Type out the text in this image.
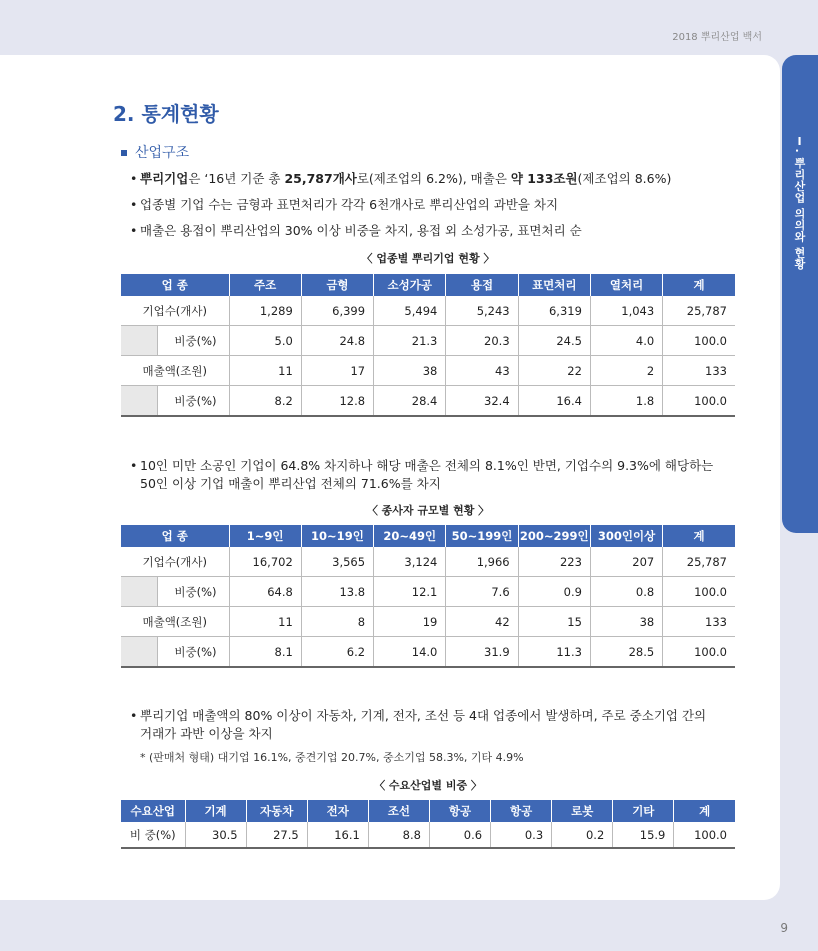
2018 뿌리산업 백서
Ⅰ. 뿌리산업 의의와 현황
2. 통계현황
산업구조
• 뿌리기업은 ‘16년 기준 총 25,787개사로(제조업의 6.2%), 매출은 약 133조원(제조업의 8.6%)
• 업종별 기업 수는 금형과 표면처리가 각각 6천개사로 뿌리산업의 과반을 차지
• 매출은 용접이 뿌리산업의 30% 이상 비중을 차지, 용접 외 소성가공, 표면처리 순
〈 업종별 뿌리기업 현황 〉
업 종		주조	금형	소성가공	용접	표면처리	열처리	계
기업수(개사)		1,289	6,399	5,494	5,243	6,319	1,043	25,787
	비중(%)	5.0	24.8	21.3	20.3	24.5	4.0	100.0
매출액(조원)		11	17	38	43	22	2	133
	비중(%)	8.2	12.8	28.4	32.4	16.4	1.8	100.0
• 10인 미만 소공인 기업이 64.8% 차지하나 해당 매출은 전체의 8.1%인 반면, 기업수의 9.3%에 해당하는
50인 이상 기업 매출이 뿌리산업 전체의 71.6%를 차지
〈 종사자 규모별 현황 〉
업 종		1~9인	10~19인	20~49인	50~199인	200~299인	300인이상	계
기업수(개사)		16,702	3,565	3,124	1,966	223	207	25,787
	비중(%)	64.8	13.8	12.1	7.6	0.9	0.8	100.0
매출액(조원)		11	8	19	42	15	38	133
	비중(%)	8.1	6.2	14.0	31.9	11.3	28.5	100.0
• 뿌리기업 매출액의 80% 이상이 자동차, 기계, 전자, 조선 등 4대 업종에서 발생하며, 주로 중소기업 간의
거래가 과반 이상을 차지
* (판매처 형태) 대기업 16.1%, 중견기업 20.7%, 중소기업 58.3%, 기타 4.9%
〈 수요산업별 비중 〉
수요산업	기계	자동차	전자	조선	항공	항공	로봇	기타	계
비 중(%)	30.5	27.5	16.1	8.8	0.6	0.3	0.2	15.9	100.0
9
